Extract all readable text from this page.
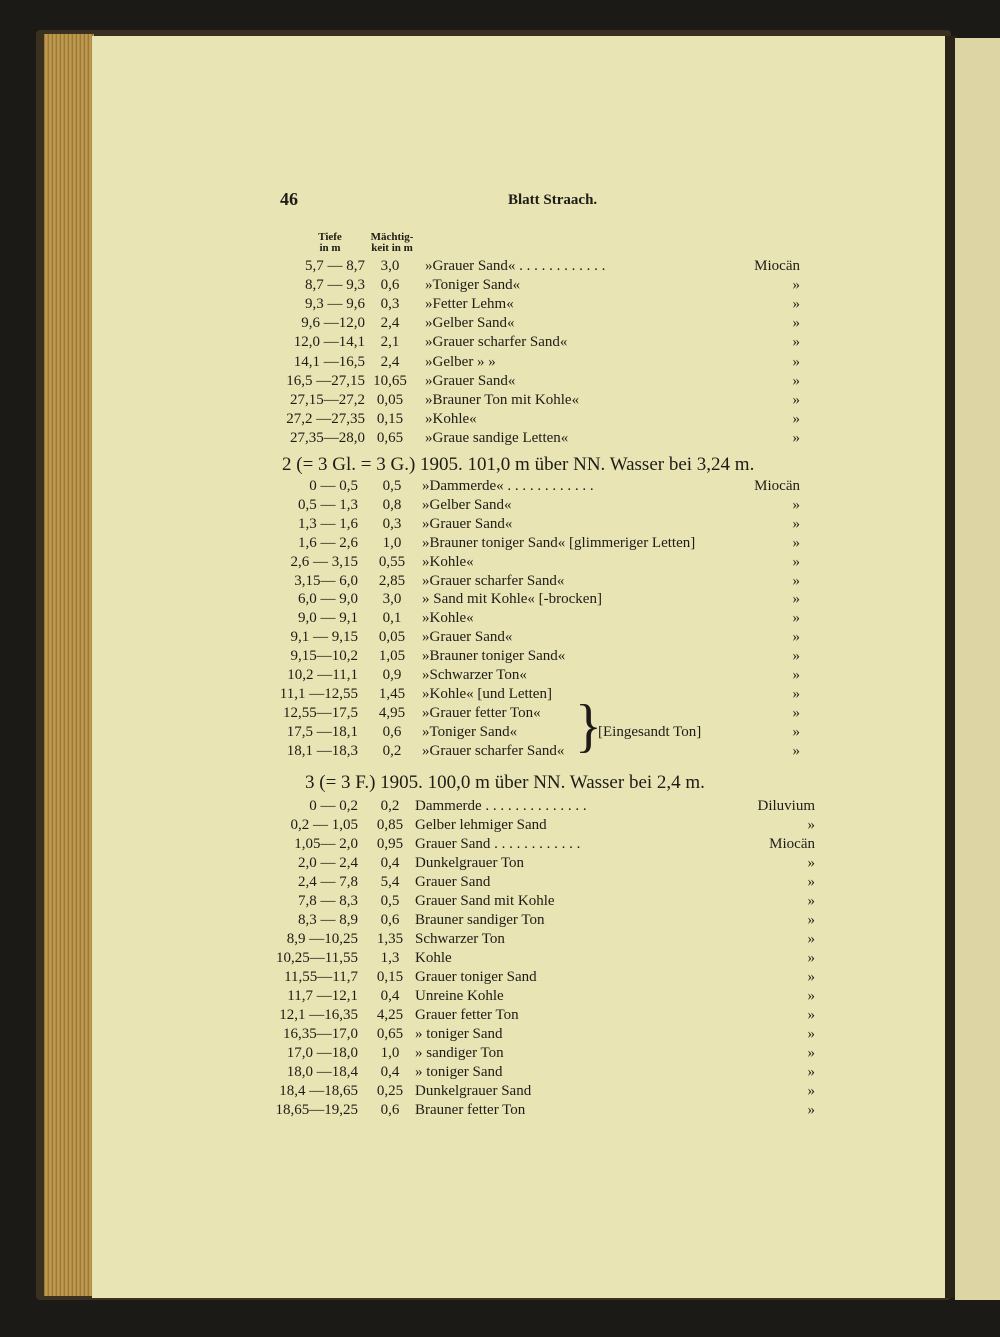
46	Blatt Straach.
Tiefe
in m
Mächtig-
keit in m
5,7 — 8,7	3,0	»Grauer Sand« . . . . . . . . . . . .	Miocän
8,7 — 9,3	0,6	»Toniger Sand«	»
9,3 — 9,6	0,3	»Fetter Lehm«	»
9,6 —12,0	2,4	»Gelber Sand«	»
12,0 —14,1	2,1	»Grauer scharfer Sand«	»
14,1 —16,5	2,4	»Gelber » »	»
16,5 —27,15 10,65	»Grauer Sand«	»
27,15—27,2 0,05	»Brauner Ton mit Kohle«	»
27,2 —27,35 0,15	»Kohle«	»
27,35—28,0 0,65	»Graue sandige Letten«	»
2 (= 3 Gl. = 3 G.) 1905. 101,0 m über NN. Wasser bei 3,24 m.
0 — 0,5	0,5	»Dammerde« . . . . . . . . . . . .	Miocän
0,5 — 1,3	0,8	»Gelber Sand«	»
1,3 — 1,6	0,3	»Grauer Sand«	»
1,6 — 2,6	1,0	»Brauner toniger Sand« [glimmeriger Letten]	»
2,6 — 3,15	0,55	»Kohle«	»
3,15— 6,0	2,85	»Grauer scharfer Sand«	»
6,0 — 9,0	3,0	» Sand mit Kohle« [-brocken]	»
9,0 — 9,1	0,1	»Kohle«	»
9,1 — 9,15	0,05	»Grauer Sand«	»
9,15—10,2	1,05	»Brauner toniger Sand«	»
10,2 —11,1	0,9	»Schwarzer Ton«	»
11,1 —12,55	1,45	»Kohle« [und Letten]	»
12,55—17,5	4,95	»Grauer fetter Ton«	»
17,5 —18,1	0,6	»Toniger Sand«	»
18,1 —18,3	0,2	»Grauer scharfer Sand«	»
}
[Eingesandt Ton]
3 (= 3 F.) 1905. 100,0 m über NN. Wasser bei 2,4 m.
0 — 0,2	0,2	Dammerde . . . . . . . . . . . . . .	Diluvium
0,2 — 1,05	0,85 Gelber lehmiger Sand	»
1,05— 2,0	0,95 Grauer Sand . . . . . . . . . . . .	Miocän
2,0 — 2,4	0,4	Dunkelgrauer Ton	»
2,4 — 7,8	5,4	Grauer Sand	»
7,8 — 8,3	0,5	Grauer Sand mit Kohle	»
8,3 — 8,9	0,6	Brauner sandiger Ton	»
8,9 —10,25	1,35 Schwarzer Ton	»
10,25—11,55	1,3	Kohle	»
11,55—11,7	0,15 Grauer toniger Sand	»
11,7 —12,1	0,4	Unreine Kohle	»
12,1 —16,35	4,25 Grauer fetter Ton	»
16,35—17,0	0,65 » toniger Sand	»
17,0 —18,0	1,0	» sandiger Ton	»
18,0 —18,4	0,4	» toniger Sand	»
18,4 —18,65	0,25 Dunkelgrauer Sand	»
18,65—19,25	0,6	Brauner fetter Ton	»
